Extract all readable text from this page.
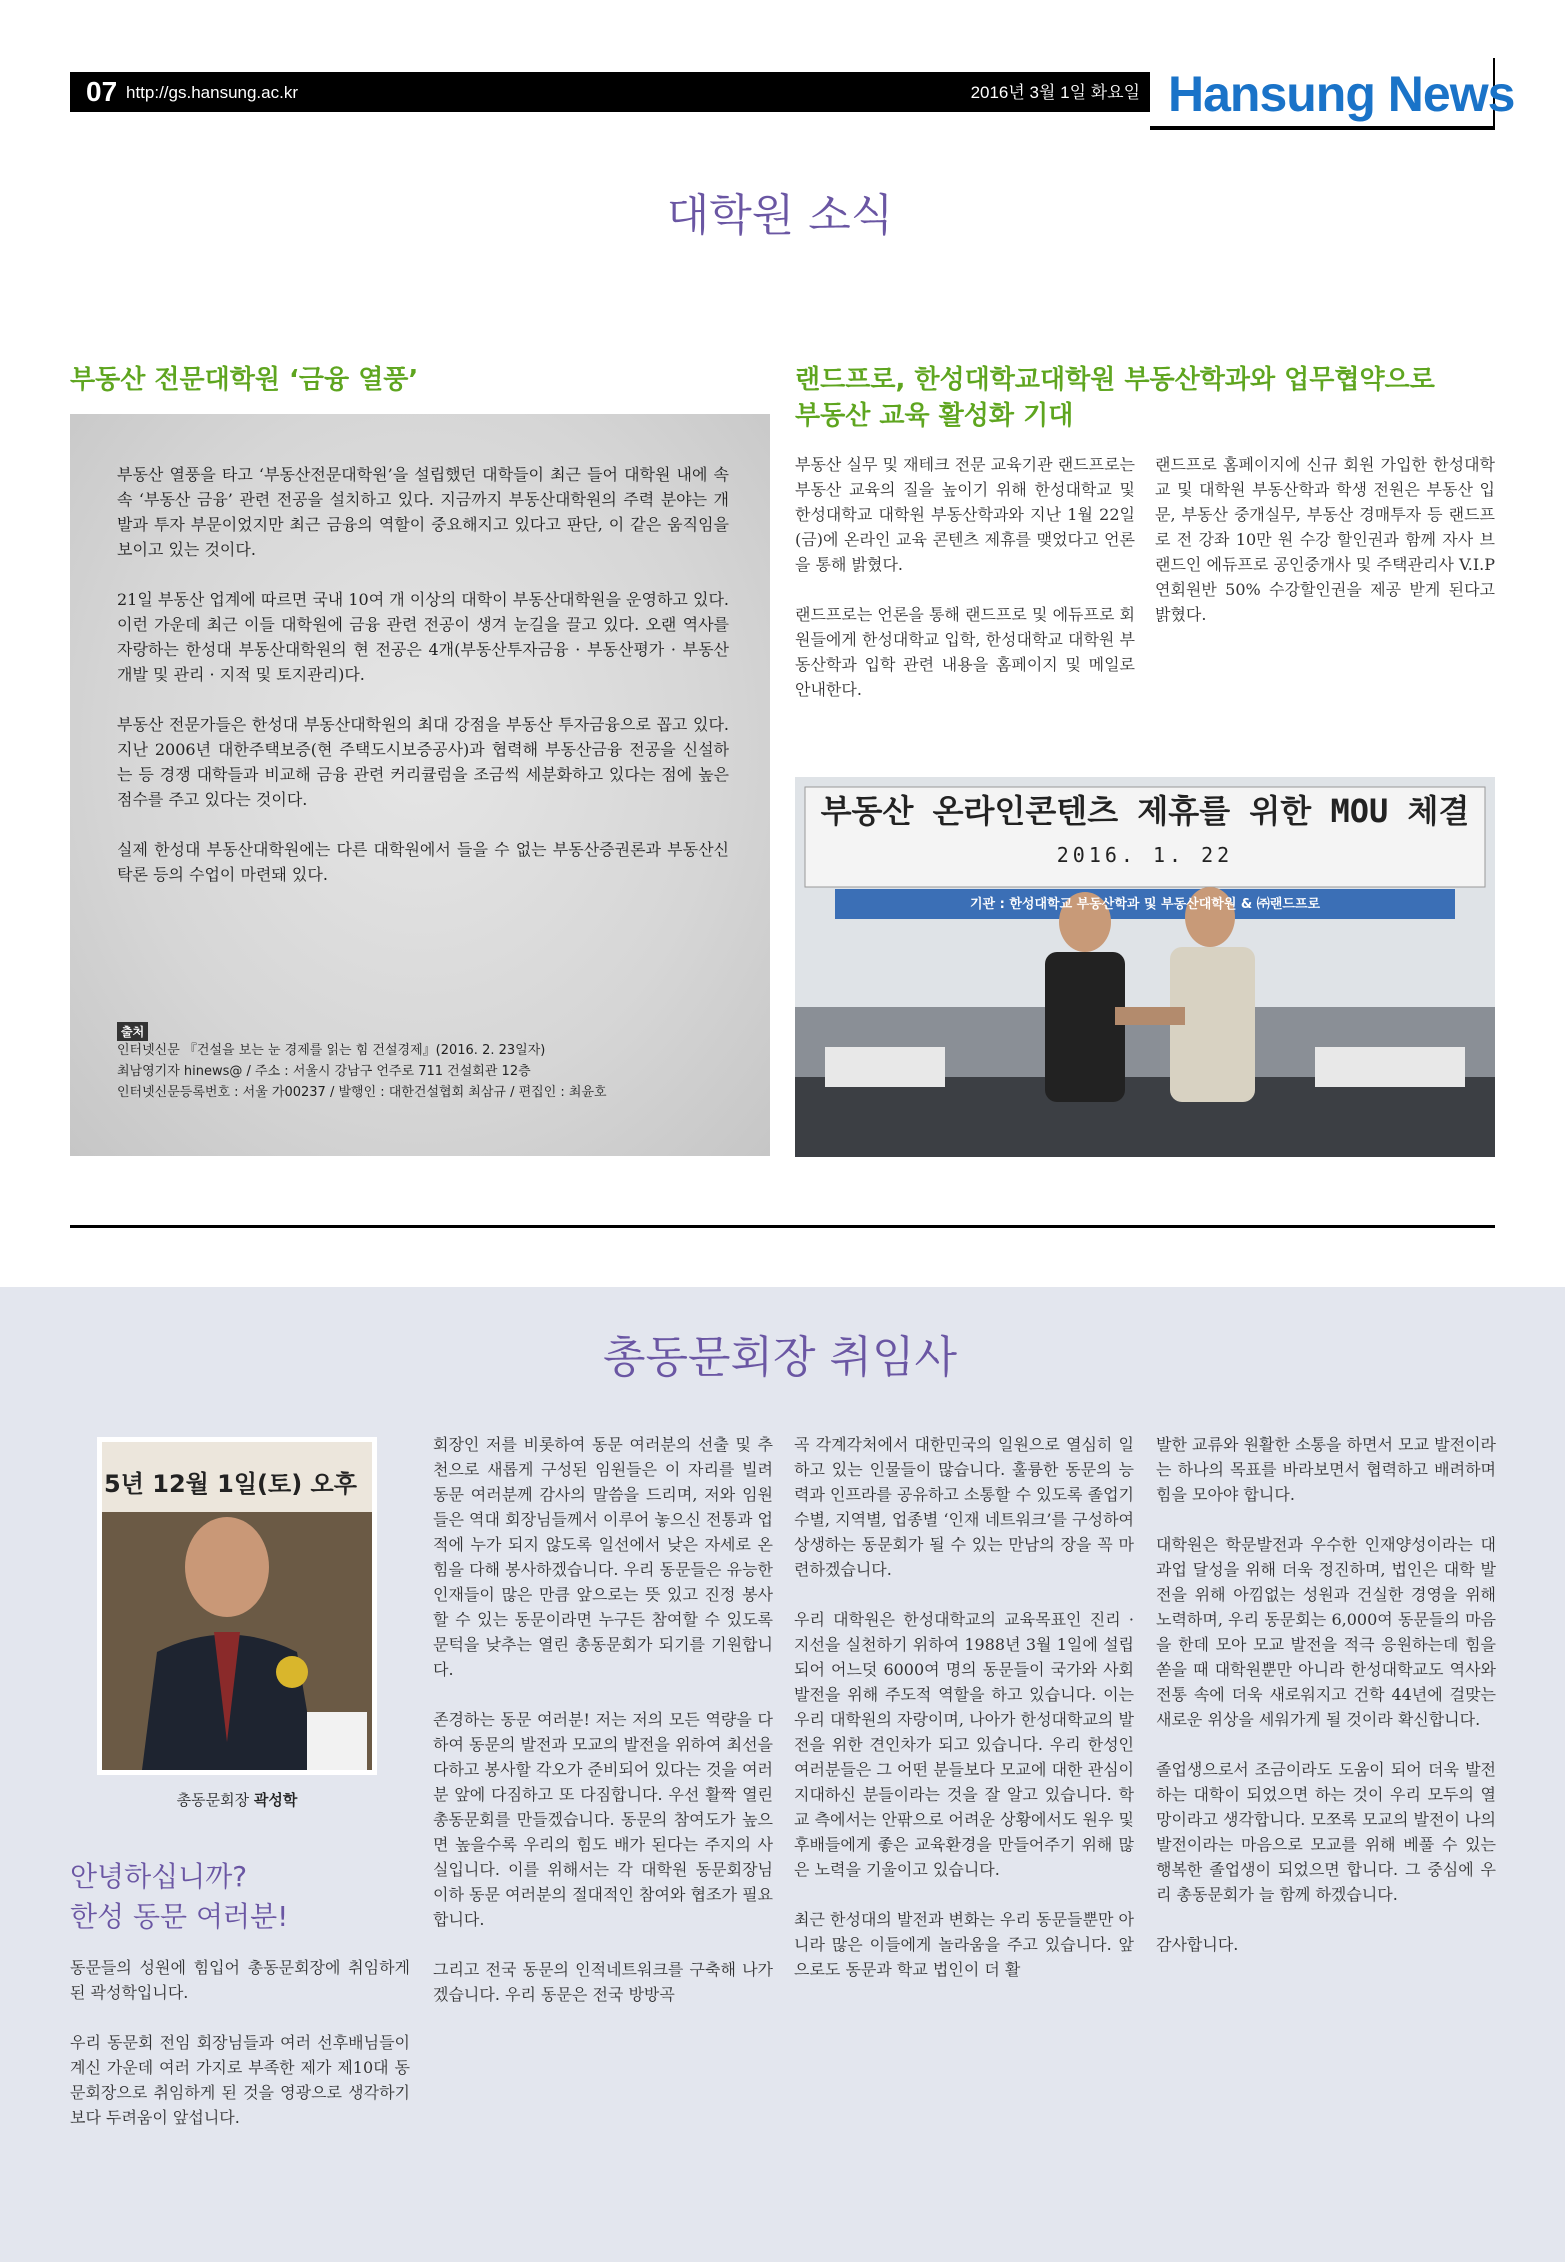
07 http://gs.hansung.ac.kr	2016년 3월 1일 화요일 Hansung News
대학원 소식
부동산 전문대학원 ‘금융 열풍’

부동산 열풍을 타고 ‘부동산전문대학원’을 설립했던 대학들이 최근 들어 대학원 내에 속속 ‘부동산 금융’ 관련 전공을 설치하고 있다. 지금까지 부동산대학원의 주력 분야는 개발과 투자 부문이었지만 최근 금융의 역할이 중요해지고 있다고 판단, 이 같은 움직임을 보이고 있는 것이다.

21일 부동산 업계에 따르면 국내 10여 개 이상의 대학이 부동산대학원을 운영하고 있다. 이런 가운데 최근 이들 대학원에 금융 관련 전공이 생겨 눈길을 끌고 있다. 오랜 역사를 자랑하는 한성대 부동산대학원의 현 전공은 4개(부동산투자금융 · 부동산평가 · 부동산개발 및 관리 · 지적 및 토지관리)다.

부동산 전문가들은 한성대 부동산대학원의 최대 강점을 부동산 투자금융으로 꼽고 있다. 지난 2006년 대한주택보증(현 주택도시보증공사)과 협력해 부동산금융 전공을 신설하는 등 경쟁 대학들과 비교해 금융 관련 커리큘럼을 조금씩 세분화하고 있다는 점에 높은 점수를 주고 있다는 것이다.

실제 한성대 부동산대학원에는 다른 대학원에서 들을 수 없는 부동산증권론과 부동산신탁론 등의 수업이 마련돼 있다.

출처
인터넷신문 『건설을 보는 눈 경제를 읽는 힘 건설경제』(2016. 2. 23일자)
최남영기자 hinews@ / 주소 : 서울시 강남구 언주로 711 건설회관 12층
인터넷신문등록번호 : 서울 가00237 / 발행인 : 대한건설협회 최삼규 / 편집인 : 최윤호
랜드프로, 한성대학교대학원 부동산학과와 업무협약으로
부동산 교육 활성화 기대

부동산 실무 및 재테크 전문 교육기관 랜드프로는 부동산 교육의 질을 높이기 위해 한성대학교 및 한성대학교 대학원 부동산학과와 지난 1월 22일(금)에 온라인 교육 콘텐츠 제휴를 맺었다고 언론을 통해 밝혔다.

랜드프로는 언론을 통해 랜드프로 및 에듀프로 회원들에게 한성대학교 입학, 한성대학교 대학원 부동산학과 입학 관련 내용을 홈페이지 및 메일로 안내한다.

랜드프로 홈페이지에 신규 회원 가입한 한성대학교 및 대학원 부동산학과 학생 전원은 부동산 입문, 부동산 중개실무, 부동산 경매투자 등 랜드프로 전 강좌 10만 원 수강 할인권과 함께 자사 브랜드인 에듀프로 공인중개사 및 주택관리사 V.I.P연회원반 50% 수강할인권을 제공 받게 된다고 밝혔다.

부동산 온라인콘텐츠 제휴를 위한 MOU 체결
2016. 1. 22
기관 : 한성대학교 부동산학과 및 부동산대학원 & ㈜랜드프로
총동문회장 취임사
5년 12월 1일(토) 오후
총동문회장 곽성학
안녕하십니까?
한성 동문 여러분!

동문들의 성원에 힘입어 총동문회장에 취임하게 된 곽성학입니다.

우리 동문회 전임 회장님들과 여러 선후배님들이 계신 가운데 여러 가지로 부족한 제가 제10대 동문회장으로 취임하게 된 것을 영광으로 생각하기보다 두려움이 앞섭니다.

회장인 저를 비롯하여 동문 여러분의 선출 및 추천으로 새롭게 구성된 임원들은 이 자리를 빌려 동문 여러분께 감사의 말씀을 드리며, 저와 임원들은 역대 회장님들께서 이루어 놓으신 전통과 업적에 누가 되지 않도록 일선에서 낮은 자세로 온 힘을 다해 봉사하겠습니다. 우리 동문들은 유능한 인재들이 많은 만큼 앞으로는 뜻 있고 진정 봉사할 수 있는 동문이라면 누구든 참여할 수 있도록 문턱을 낮추는 열린 총동문회가 되기를 기원합니다.

존경하는 동문 여러분! 저는 저의 모든 역량을 다하여 동문의 발전과 모교의 발전을 위하여 최선을 다하고 봉사할 각오가 준비되어 있다는 것을 여러분 앞에 다짐하고 또 다짐합니다. 우선 활짝 열린 총동문회를 만들겠습니다. 동문의 참여도가 높으면 높을수록 우리의 힘도 배가 된다는 주지의 사실입니다. 이를 위해서는 각 대학원 동문회장님 이하 동문 여러분의 절대적인 참여와 협조가 필요합니다.

그리고 전국 동문의 인적네트워크를 구축해 나가겠습니다. 우리 동문은 전국 방방곡

곡 각계각처에서 대한민국의 일원으로 열심히 일하고 있는 인물들이 많습니다. 훌륭한 동문의 능력과 인프라를 공유하고 소통할 수 있도록 졸업기수별, 지역별, 업종별 ‘인재 네트워크’를 구성하여 상생하는 동문회가 될 수 있는 만남의 장을 꼭 마련하겠습니다.

우리 대학원은 한성대학교의 교육목표인 진리 · 지선을 실천하기 위하여 1988년 3월 1일에 설립되어 어느덧 6000여 명의 동문들이 국가와 사회 발전을 위해 주도적 역할을 하고 있습니다. 이는 우리 대학원의 자랑이며, 나아가 한성대학교의 발전을 위한 견인차가 되고 있습니다. 우리 한성인 여러분들은 그 어떤 분들보다 모교에 대한 관심이 지대하신 분들이라는 것을 잘 알고 있습니다. 학교 측에서는 안팎으로 어려운 상황에서도 원우 및 후배들에게 좋은 교육환경을 만들어주기 위해 많은 노력을 기울이고 있습니다.

최근 한성대의 발전과 변화는 우리 동문들뿐만 아니라 많은 이들에게 놀라움을 주고 있습니다. 앞으로도 동문과 학교 법인이 더 활

발한 교류와 원활한 소통을 하면서 모교 발전이라는 하나의 목표를 바라보면서 협력하고 배려하며 힘을 모아야 합니다.

대학원은 학문발전과 우수한 인재양성이라는 대과업 달성을 위해 더욱 정진하며, 법인은 대학 발전을 위해 아낌없는 성원과 건실한 경영을 위해 노력하며, 우리 동문회는 6,000여 동문들의 마음을 한데 모아 모교 발전을 적극 응원하는데 힘을 쏟을 때 대학원뿐만 아니라 한성대학교도 역사와 전통 속에 더욱 새로워지고 건학 44년에 걸맞는 새로운 위상을 세워가게 될 것이라 확신합니다.

졸업생으로서 조금이라도 도움이 되어 더욱 발전하는 대학이 되었으면 하는 것이 우리 모두의 열망이라고 생각합니다. 모쪼록 모교의 발전이 나의 발전이라는 마음으로 모교를 위해 베풀 수 있는 행복한 졸업생이 되었으면 합니다. 그 중심에 우리 총동문회가 늘 함께 하겠습니다.

감사합니다.
